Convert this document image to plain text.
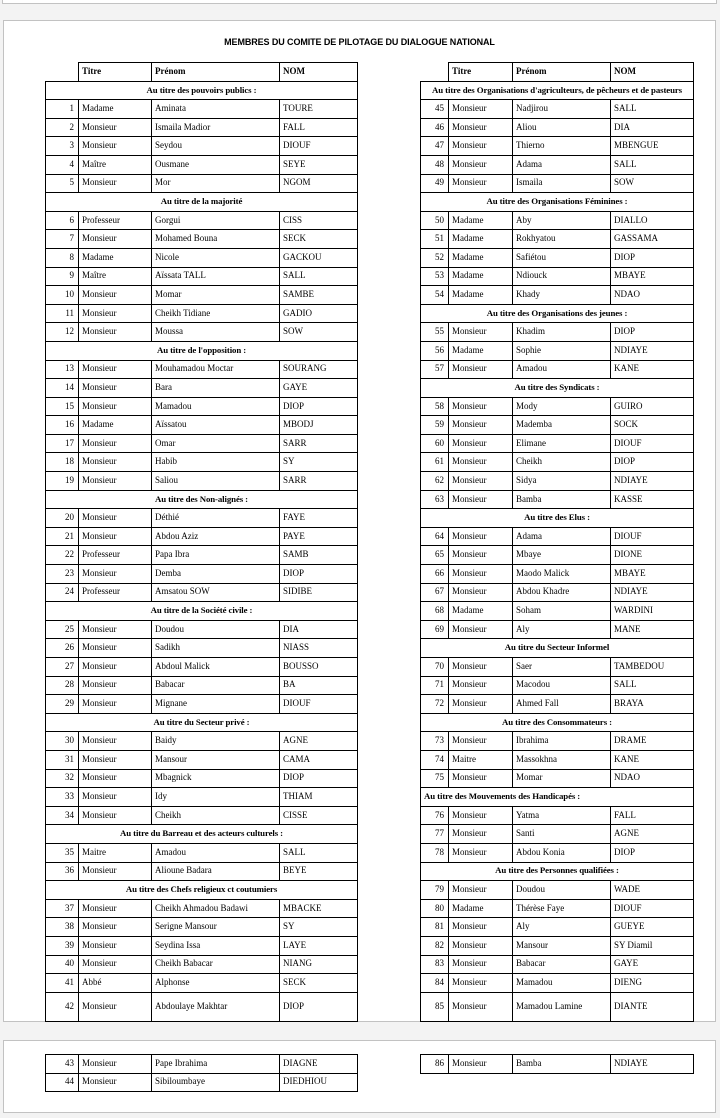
MEMBRES DU COMITE DE PILOTAGE DU DIALOGUE NATIONAL
	Titre	Prénom	NOM
Au titre des pouvoirs publics :			
1	Madame	Aminata	TOURE
2	Monsieur	Ismaila Madior	FALL
3	Monsieur	Seydou	DIOUF
4	Maître	Ousmane	SEYE
5	Monsieur	Mor	NGOM
Au titre de la majorité			
6	Professeur	Gorgui	CISS
7	Monsieur	Mohamed Bouna	SECK
8	Madame	Nicole	GACKOU
9	Maître	Aïssata TALL	SALL
10	Monsieur	Momar	SAMBE
11	Monsieur	Cheikh Tidiane	GADIO
12	Monsieur	Moussa	SOW
Au titre de l'opposition :			
13	Monsieur	Mouhamadou Moctar	SOURANG
14	Monsieur	Bara	GAYE
15	Monsieur	Mamadou	DIOP
16	Madame	Aïssatou	MBODJ
17	Monsieur	Omar	SARR
18	Monsieur	Habib	SY
19	Monsieur	Saliou	SARR
Au titre des Non-alignés :			
20	Monsieur	Déthié	FAYE
21	Monsieur	Abdou Aziz	PAYE
22	Professeur	Papa Ibra	SAMB
23	Monsieur	Demba	DIOP
24	Professeur	Amsatou SOW	SIDIBE
Au titre de la Société civile :			
25	Monsieur	Doudou	DIA
26	Monsieur	Sadikh	NIASS
27	Monsieur	Abdoul Malick	BOUSSO
28	Monsieur	Babacar	BA
29	Monsieur	Mignane	DIOUF
Au titre du Secteur privé :			
30	Monsieur	Baidy	AGNE
31	Monsieur	Mansour	CAMA
32	Monsieur	Mbagnick	DIOP
33	Monsieur	Idy	THIAM
34	Monsieur	Cheikh	CISSE
Au titre du Barreau et des acteurs culturels :			
35	Maitre	Amadou	SALL
36	Monsieur	Alioune Badara	BEYE
Au titre des Chefs religieux ct coutumiers			
37	Monsieur	Cheikh Ahmadou Badawi	MBACKE
38	Monsieur	Serigne Mansour	SY
39	Monsieur	Seydina Issa	LAYE
40	Monsieur	Cheikh Babacar	NIANG
41	Abbé	Alphonse	SECK
42	Monsieur	Abdoulaye Makhtar	DIOP
	Titre	Prénom	NOM
Au titre des Organisations d'agriculteurs, de pêcheurs et de pasteurs			
45	Monsieur	Nadjirou	SALL
46	Monsieur	Aliou	DIA
47	Monsieur	Thierno	MBENGUE
48	Monsieur	Adama	SALL
49	Monsieur	Ismaila	SOW
Au titre des Organisations Féminines :			
50	Madame	Aby	DIALLO
51	Madame	Rokhyatou	GASSAMA
52	Madame	Safiétou	DIOP
53	Madame	Ndiouck	MBAYE
54	Madame	Khady	NDAO
Au titre des Organisations des jeunes :			
55	Monsieur	Khadim	DIOP
56	Madame	Sophie	NDIAYE
57	Monsieur	Amadou	KANE
Au titre des Syndicats :			
58	Monsieur	Mody	GUIRO
59	Monsieur	Mademba	SOCK
60	Monsieur	Elimane	DIOUF
61	Monsieur	Cheikh	DIOP
62	Monsieur	Sidya	NDIAYE
63	Monsieur	Bamba	KASSE
Au titre des Elus :			
64	Monsieur	Adama	DIOUF
65	Monsieur	Mbaye	DIONE
66	Monsieur	Maodo Malick	MBAYE
67	Monsieur	Abdou Khadre	NDIAYE
68	Madame	Soham	WARDINI
69	Monsieur	Aly	MANE
Au titre du Secteur Informel			
70	Monsieur	Saer	TAMBEDOU
71	Monsieur	Macodou	SALL
72	Monsieur	Ahmed Fall	BRAYA
Au titre des Consommateurs :			
73	Monsieur	Ibrahima	DRAME
74	Maitre	Massokhna	KANE
75	Monsieur	Momar	NDAO
Au titre des Mouvements des Handicapés :			
76	Monsieur	Yatma	FALL
77	Monsieur	Santi	AGNE
78	Monsieur	Abdou Konia	DIOP
Au titre des Personnes qualifiées :			
79	Monsieur	Doudou	WADE
80	Madame	Thérèse Faye	DIOUF
81	Monsieur	Aly	GUEYE
82	Monsieur	Mansour	SY Diamil
83	Monsieur	Babacar	GAYE
84	Monsieur	Mamadou	DIENG
85	Monsieur	Mamadou Lamine	DIANTE
43	Monsieur	Pape Ibrahima	DIAGNE
44	Monsieur	Sibiloumbaye	DIEDHIOU
86	Monsieur	Bamba	NDIAYE
